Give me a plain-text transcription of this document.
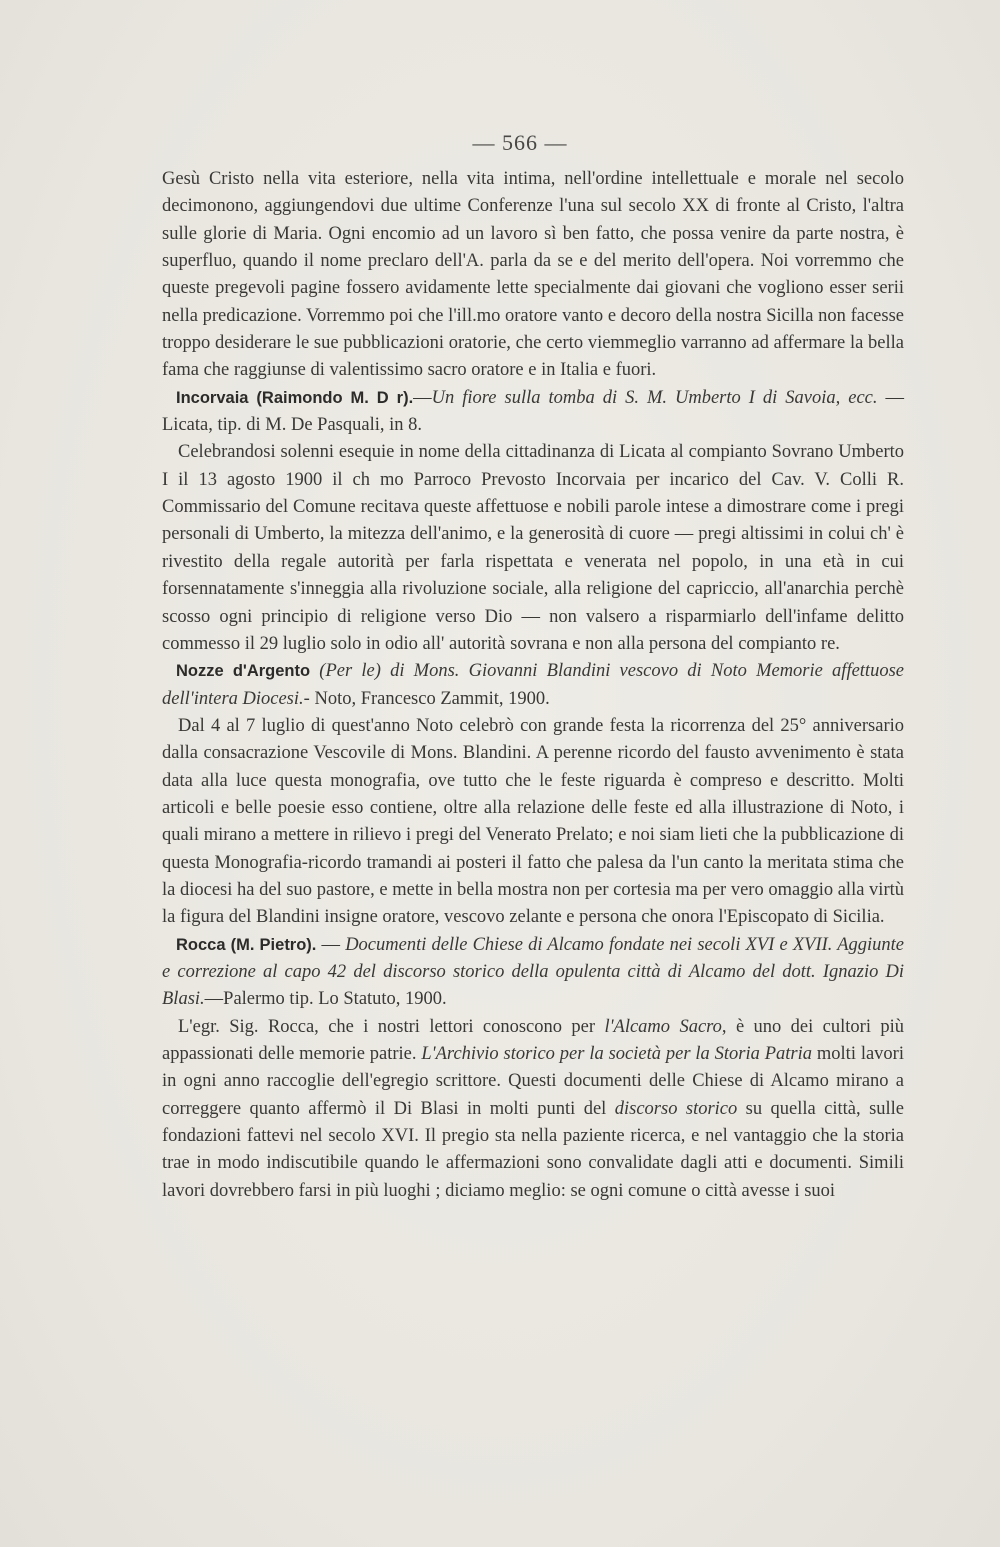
— 566 —

Gesù Cristo nella vita esteriore, nella vita intima, nell'ordine intellettuale e morale nel secolo decimonono, aggiungendovi due ultime Conferenze l'una sul secolo XX di fronte al Cristo, l'altra sulle glorie di Maria. Ogni encomio ad un lavoro sì ben fatto, che possa venire da parte nostra, è superfluo, quando il nome preclaro dell'A. parla da se e del merito dell'opera. Noi vorremmo che queste pregevoli pagine fossero avidamente lette specialmente dai giovani che vogliono esser serii nella predicazione. Vorremmo poi che l'ill.mo oratore vanto e decoro della nostra Sicilla non facesse troppo desiderare le sue pubblicazioni oratorie, che certo viemmeglio varranno ad affermare la bella fama che raggiunse di valentissimo sacro oratore e in Italia e fuori.

Incorvaia (Raimondo M. D r).—Un fiore sulla tomba di S. M. Umberto I di Savoia, ecc. — Licata, tip. di M. De Pasquali, in 8.

Celebrandosi solenni esequie in nome della cittadinanza di Licata al compianto Sovrano Umberto I il 13 agosto 1900 il ch mo Parroco Prevosto Incorvaia per incarico del Cav. V. Colli R. Commissario del Comune recitava queste affettuose e nobili parole intese a dimostrare come i pregi personali di Umberto, la mitezza dell'animo, e la generosità di cuore — pregi altissimi in colui ch' è rivestito della regale autorità per farla rispettata e venerata nel popolo, in una età in cui forsennatamente s'inneggia alla rivoluzione sociale, alla religione del capriccio, all'anarchia perchè scosso ogni principio di religione verso Dio — non valsero a risparmiarlo dell'infame delitto commesso il 29 luglio solo in odio all' autorità sovrana e non alla persona del compianto re.

Nozze d'Argento (Per le) di Mons. Giovanni Blandini vescovo di Noto Memorie affettuose dell'intera Diocesi.- Noto, Francesco Zammit, 1900.

Dal 4 al 7 luglio di quest'anno Noto celebrò con grande festa la ricorrenza del 25° anniversario dalla consacrazione Vescovile di Mons. Blandini. A perenne ricordo del fausto avvenimento è stata data alla luce questa monografia, ove tutto che le feste riguarda è compreso e descritto. Molti articoli e belle poesie esso contiene, oltre alla relazione delle feste ed alla illustrazione di Noto, i quali mirano a mettere in rilievo i pregi del Venerato Prelato; e noi siam lieti che la pubblicazione di questa Monografia-ricordo tramandi ai posteri il fatto che palesa da l'un canto la meritata stima che la diocesi ha del suo pastore, e mette in bella mostra non per cortesia ma per vero omaggio alla virtù la figura del Blandini insigne oratore, vescovo zelante e persona che onora l'Episcopato di Sicilia.

Rocca (M. Pietro). — Documenti delle Chiese di Alcamo fondate nei secoli XVI e XVII. Aggiunte e correzione al capo 42 del discorso storico della opulenta città di Alcamo del dott. Ignazio Di Blasi.—Palermo tip. Lo Statuto, 1900.

L'egr. Sig. Rocca, che i nostri lettori conoscono per l'Alcamo Sacro, è uno dei cultori più appassionati delle memorie patrie. L'Archivio storico per la società per la Storia Patria molti lavori in ogni anno raccoglie dell'egregio scrittore. Questi documenti delle Chiese di Alcamo mirano a correggere quanto affermò il Di Blasi in molti punti del discorso storico su quella città, sulle fondazioni fattevi nel secolo XVI. Il pregio sta nella paziente ricerca, e nel vantaggio che la storia trae in modo indiscutibile quando le affermazioni sono convalidate dagli atti e documenti. Simili lavori dovrebbero farsi in più luoghi ; diciamo meglio: se ogni comune o città avesse i suoi
